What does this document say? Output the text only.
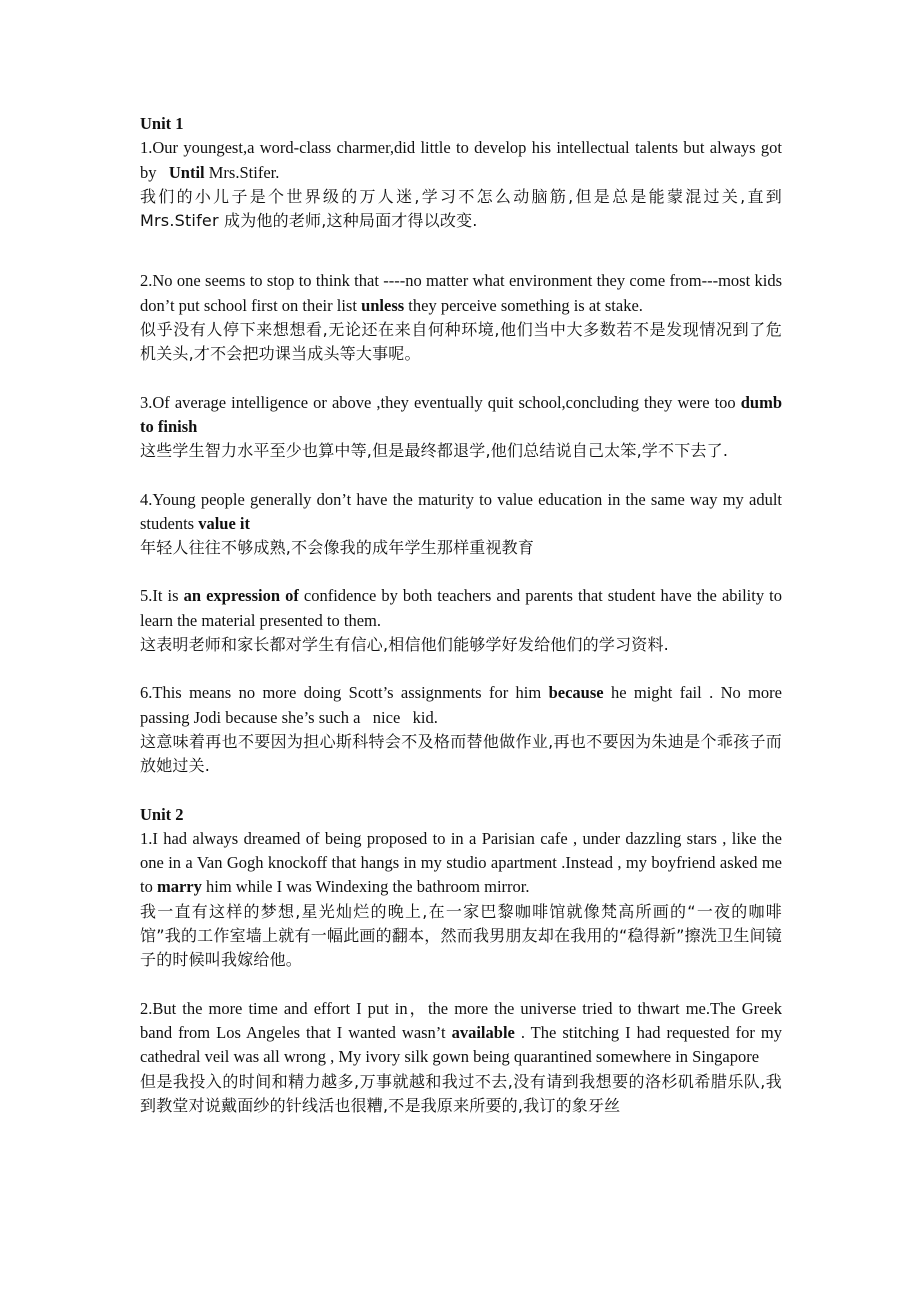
Unit 1

1.Our youngest,a word-class charmer,did little to develop his intellectual talents but always got by Until Mrs.Stifer.

我们的小儿子是个世界级的万人迷,学习不怎么动脑筋,但是总是能蒙混过关,直到 Mrs.Stifer 成为他的老师,这种局面才得以改变.

2.No one seems to stop to think that ----no matter what environment they come from---most kids don’t put school first on their list unless they perceive something is at stake.

似乎没有人停下来想想看,无论还在来自何种环境,他们当中大多数若不是发现情况到了危机关头,才不会把功课当成头等大事呢。

3.Of average intelligence or above ,they eventually quit school,concluding they were too dumb to finish

这些学生智力水平至少也算中等,但是最终都退学,他们总结说自己太笨,学不下去了.

4.Young people generally don’t have the maturity to value education in the same way my adult students value it

年轻人往往不够成熟,不会像我的成年学生那样重视教育

5.It is an expression of confidence by both teachers and parents that student have the ability to learn the material presented to them.

这表明老师和家长都对学生有信心,相信他们能够学好发给他们的学习资料.

6.This means no more doing Scott’s assignments for him because he might fail . No more passing Jodi because she’s such a   nice   kid.

这意味着再也不要因为担心斯科特会不及格而替他做作业,再也不要因为朱迪是个乖孩子而放她过关.

Unit 2

1.I had always dreamed of being proposed to in a Parisian cafe , under dazzling stars , like the one in a Van Gogh knockoff that hangs in my studio apartment .Instead , my boyfriend asked me to marry him while I was Windexing the bathroom mirror.

我一直有这样的梦想,星光灿烂的晚上,在一家巴黎咖啡馆就像梵高所画的“一夜的咖啡馆”我的工作室墙上就有一幅此画的翻本，然而我男朋友却在我用的“稳得新”擦洗卫生间镜子的时候叫我嫁给他。

2.But the more time and effort I put in，the more the universe tried to thwart me.The Greek band from Los Angeles that I wanted wasn’t available . The stitching I had requested for my cathedral veil was all wrong , My ivory silk gown being quarantined somewhere in Singapore

但是我投入的时间和精力越多,万事就越和我过不去,没有请到我想要的洛杉矶希腊乐队,我到教堂对说戴面纱的针线活也很糟,不是我原来所要的,我订的象牙丝
